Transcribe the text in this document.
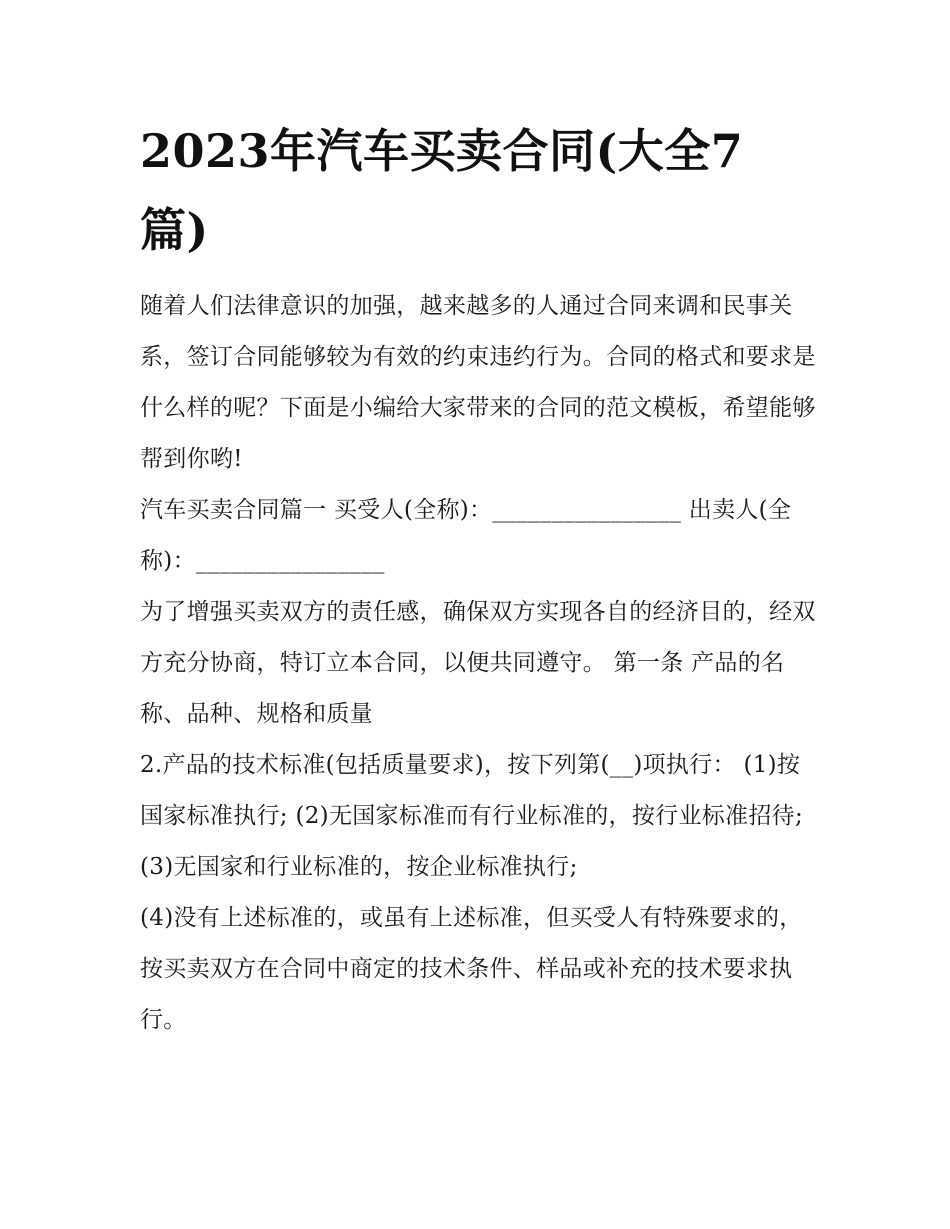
2023年汽车买卖合同(大全7篇)

随着人们法律意识的加强，越来越多的人通过合同来调和民事关系，签订合同能够较为有效的约束违约行为。合同的格式和要求是什么样的呢？下面是小编给大家带来的合同的范文模板，希望能够帮到你哟!

汽车买卖合同篇一 买受人(全称)：________________ 出卖人(全称)：________________

为了增强买卖双方的责任感，确保双方实现各自的经济目的，经双方充分协商，特订立本合同，以便共同遵守。 第一条 产品的名称、品种、规格和质量

2.产品的技术标准(包括质量要求)，按下列第(__)项执行： (1)按国家标准执行; (2)无国家标准而有行业标准的，按行业标准招待;

(3)无国家和行业标准的，按企业标准执行;

(4)没有上述标准的，或虽有上述标准，但买受人有特殊要求的，按买卖双方在合同中商定的技术条件、样品或补充的技术要求执行。
